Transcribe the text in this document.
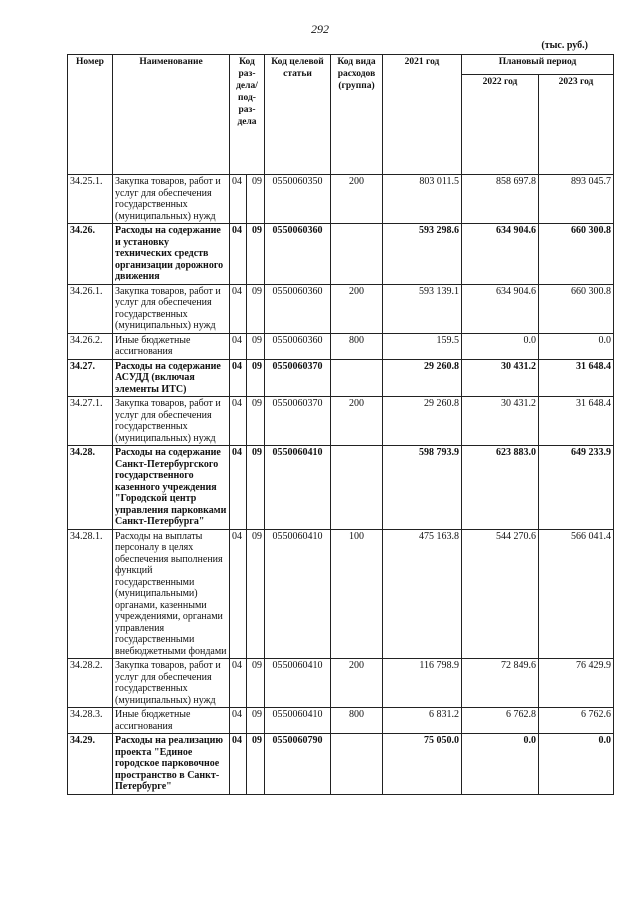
292
(тыс. руб.)
Номер	Наименование	Код раз-дела/ под-раз-дела		Код целевой статьи	Код вида расходов (группа)	2021 год	Плановый период	
							2022 год	2023 год
34.25.1.	Закупка товаров, работ и услуг для обеспечения государственных (муниципальных) нужд	04	09	0550060350	200	803 011.5	858 697.8	893 045.7
34.26.	Расходы на содержание и установку технических средств организации дорожного движения	04	09	0550060360		593 298.6	634 904.6	660 300.8
34.26.1.	Закупка товаров, работ и услуг для обеспечения государственных (муниципальных) нужд	04	09	0550060360	200	593 139.1	634 904.6	660 300.8
34.26.2.	Иные бюджетные ассигнования	04	09	0550060360	800	159.5	0.0	0.0
34.27.	Расходы на содержание АСУДД (включая элементы ИТС)	04	09	0550060370		29 260.8	30 431.2	31 648.4
34.27.1.	Закупка товаров, работ и услуг для обеспечения государственных (муниципальных) нужд	04	09	0550060370	200	29 260.8	30 431.2	31 648.4
34.28.	Расходы на содержание Санкт-Петербургского государственного казенного учреждения "Городской центр управления парковками Санкт-Петербурга"	04	09	0550060410		598 793.9	623 883.0	649 233.9
34.28.1.	Расходы на выплаты персоналу в целях обеспечения выполнения функций государственными (муниципальными) органами, казенными учреждениями, органами управления государственными внебюджетными фондами	04	09	0550060410	100	475 163.8	544 270.6	566 041.4
34.28.2.	Закупка товаров, работ и услуг для обеспечения государственных (муниципальных) нужд	04	09	0550060410	200	116 798.9	72 849.6	76 429.9
34.28.3.	Иные бюджетные ассигнования	04	09	0550060410	800	6 831.2	6 762.8	6 762.6
34.29.	Расходы на реализацию проекта "Единое городское парковочное пространство в Санкт-Петербурге"	04	09	0550060790		75 050.0	0.0	0.0
